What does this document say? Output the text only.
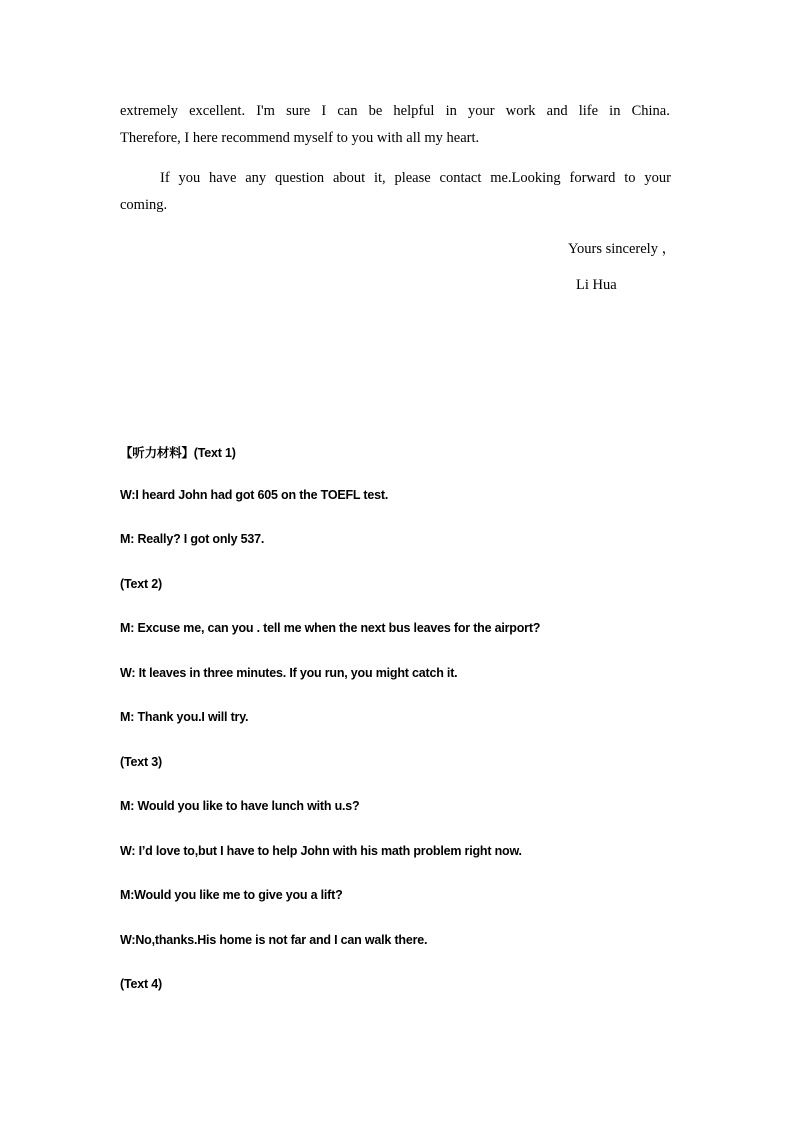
extremely excellent. I'm sure I can be helpful in your work and life in China.
Therefore, I here recommend myself to you with all my heart.
If you have any question about it, please contact me.Looking forward to your
coming.
Yours sincerely ，
Li Hua
【听力材料】(Text 1)
W:I heard John had got 605 on the TOEFL test.
M: Really? I got only 537.
(Text 2)
M: Excuse me, can you . tell me when the next bus leaves for the airport?
W: It leaves in three minutes. If you run, you might catch it.
M: Thank you.I will try.
(Text 3)
M: Would you like to have lunch with u.s?
W: I’d love to,but I have to help John with his math problem right now.
M:Would you like me to give you a lift?
W:No,thanks.His home is not far and I can walk there.
(Text 4)
